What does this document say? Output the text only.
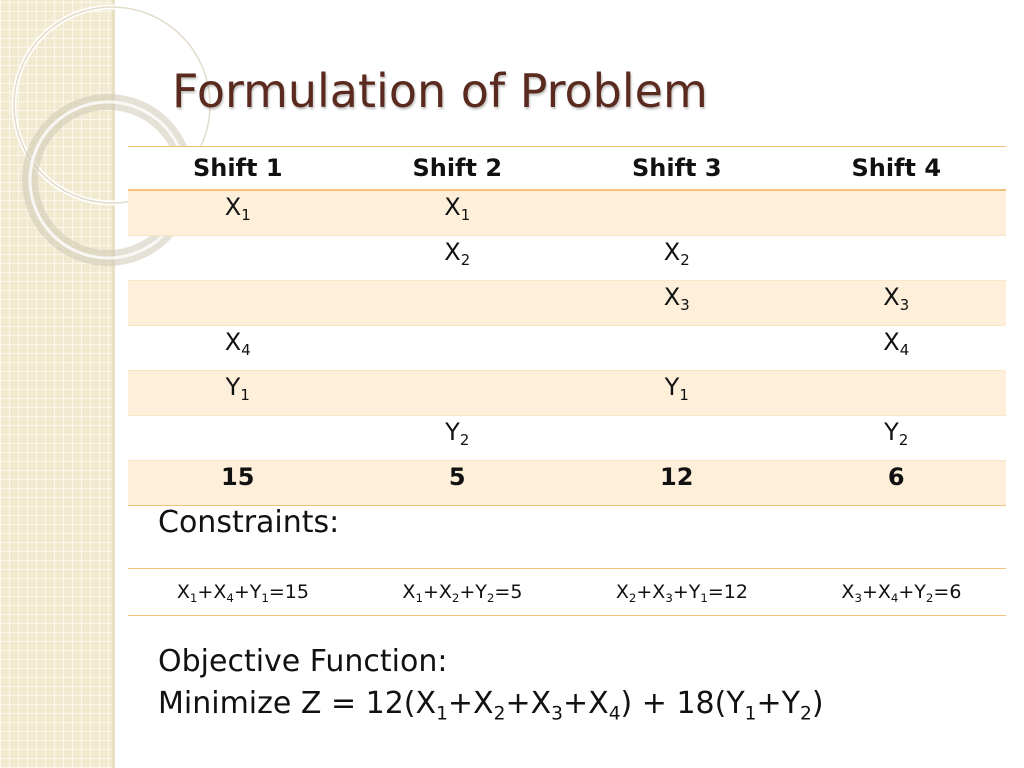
Formulation of Problem
Shift 1	Shift 2	Shift 3	Shift 4
$X_1$	$X_1$		
	$X_2$	$X_2$	
		$X_3$	$X_3$
$X_4$			$X_4$
$Y_1$		$Y_1$	
	$Y_2$		$Y_2$
15	5	12	6

Constraints:

$X_1+X_4+Y_1=15$	$X_1+X_2+Y_2=5$	$X_2+X_3+Y_1=12$	$X_3+X_4+Y_2=6$

Objective Function:

Minimize $Z = 12(X_1+X_2+X_3+X_4) + 18(Y_1+Y_2)$
